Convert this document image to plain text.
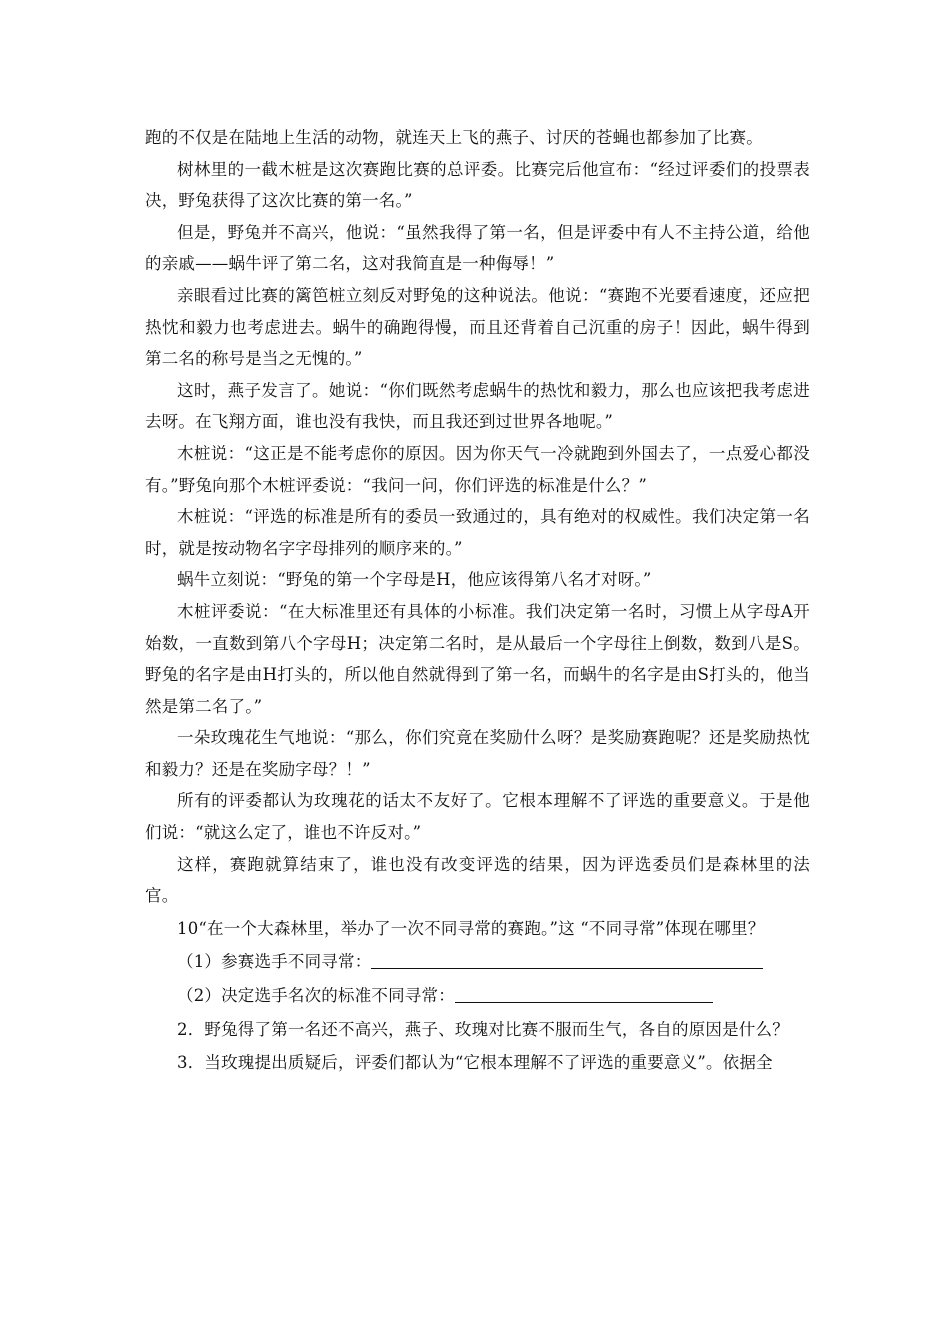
跑的不仅是在陆地上生活的动物，就连天上飞的燕子、讨厌的苍蝇也都参加了比赛。

树林里的一截木桩是这次赛跑比赛的总评委。比赛完后他宣布：“经过评委们的投票表决，野兔获得了这次比赛的第一名。”

但是，野兔并不高兴，他说：“虽然我得了第一名，但是评委中有人不主持公道，给他的亲戚——蜗牛评了第二名，这对我简直是一种侮辱！”

亲眼看过比赛的篱笆桩立刻反对野兔的这种说法。他说：“赛跑不光要看速度，还应把热忱和毅力也考虑进去。蜗牛的确跑得慢，而且还背着自己沉重的房子！因此，蜗牛得到第二名的称号是当之无愧的。”

这时，燕子发言了。她说：“你们既然考虑蜗牛的热忱和毅力，那么也应该把我考虑进去呀。在飞翔方面，谁也没有我快，而且我还到过世界各地呢。”

木桩说：“这正是不能考虑你的原因。因为你天气一冷就跑到外国去了，一点爱心都没有。”野兔向那个木桩评委说：“我问一问，你们评选的标准是什么？”

木桩说：“评选的标准是所有的委员一致通过的，具有绝对的权威性。我们决定第一名时，就是按动物名字字母排列的顺序来的。”

蜗牛立刻说：“野兔的第一个字母是H，他应该得第八名才对呀。”

木桩评委说：“在大标准里还有具体的小标准。我们决定第一名时，习惯上从字母A开始数，一直数到第八个字母H；决定第二名时，是从最后一个字母往上倒数，数到八是S。野兔的名字是由H打头的，所以他自然就得到了第一名，而蜗牛的名字是由S打头的，他当然是第二名了。”

一朵玫瑰花生气地说：“那么，你们究竟在奖励什么呀？是奖励赛跑呢？还是奖励热忱和毅力？还是在奖励字母？！”

所有的评委都认为玫瑰花的话太不友好了。它根本理解不了评选的重要意义。于是他们说：“就这么定了，谁也不许反对。”

这样，赛跑就算结束了，谁也没有改变评选的结果，因为评选委员们是森林里的法官。

10“在一个大森林里，举办了一次不同寻常的赛跑。”这 “不同寻常”体现在哪里？

（1）参赛选手不同寻常：

（2）决定选手名次的标准不同寻常：

2．野兔得了第一名还不高兴，燕子、玫瑰对比赛不服而生气，各自的原因是什么？

3．当玫瑰提出质疑后，评委们都认为“它根本理解不了评选的重要意义”。依据全
